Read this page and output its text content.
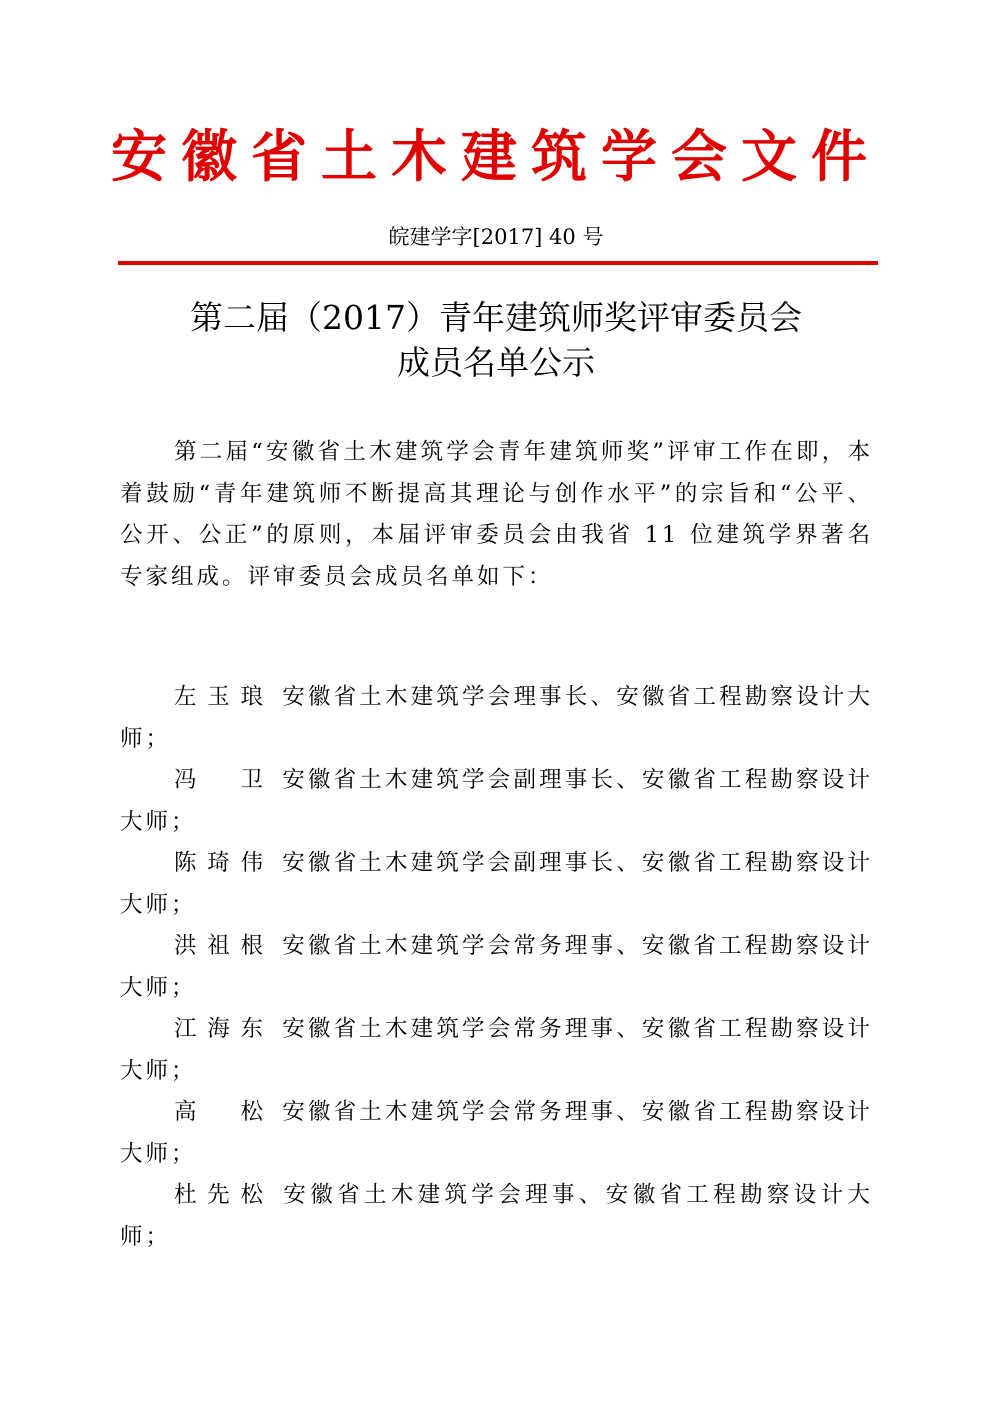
安徽省土木建筑学会文件
皖建学字[2017] 40 号
第二届（2017）青年建筑师奖评审委员会
成员名单公示

第二届“安徽省土木建筑学会青年建筑师奖”评审工作在即，本着鼓励“青年建筑师不断提高其理论与创作水平”的宗旨和“公平、公开、公正”的原则，本届评审委员会由我省 11 位建筑学界著名专家组成。评审委员会成员名单如下：

左玉琅 安徽省土木建筑学会理事长、安徽省工程勘察设计大师；

冯 卫 安徽省土木建筑学会副理事长、安徽省工程勘察设计大师；

陈琦伟 安徽省土木建筑学会副理事长、安徽省工程勘察设计大师；

洪祖根 安徽省土木建筑学会常务理事、安徽省工程勘察设计大师；

江海东 安徽省土木建筑学会常务理事、安徽省工程勘察设计大师；

高 松 安徽省土木建筑学会常务理事、安徽省工程勘察设计大师；

杜先松 安徽省土木建筑学会理事、安徽省工程勘察设计大师；
